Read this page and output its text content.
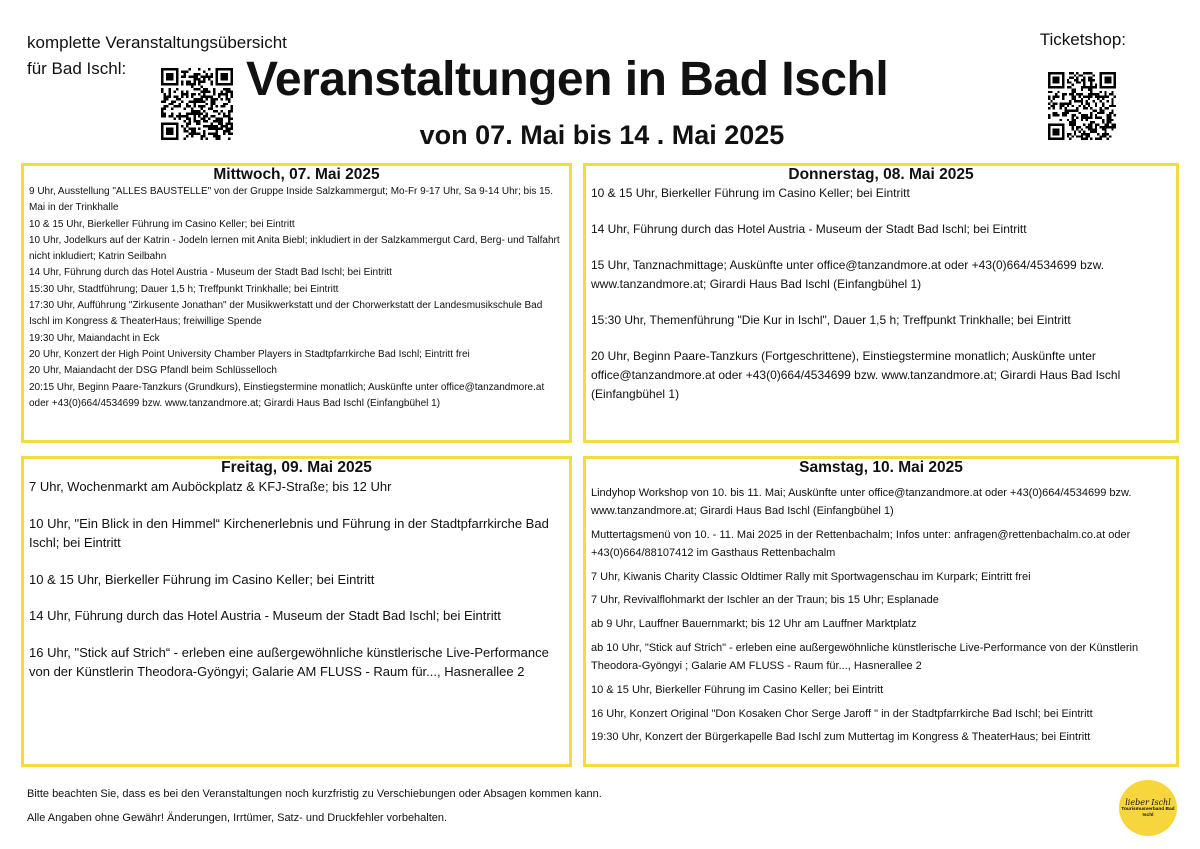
komplette Veranstaltungsübersicht
für Bad Ischl:	Veranstaltungen in Bad Ischl
von 07. Mai bis 14 . Mai 2025
Ticketshop:
Mittwoch, 07. Mai 2025

9 Uhr, Ausstellung "ALLES BAUSTELLE" von der Gruppe Inside Salzkammergut; Mo-Fr 9-17 Uhr, Sa 9-14 Uhr; bis 15. Mai in der Trinkhalle

10 & 15 Uhr, Bierkeller Führung im Casino Keller; bei Eintritt

10 Uhr, Jodelkurs auf der Katrin - Jodeln lernen mit Anita Biebl; inkludiert in der Salzkammergut Card, Berg- und Talfahrt nicht inkludiert; Katrin Seilbahn

14 Uhr, Führung durch das Hotel Austria - Museum der Stadt Bad Ischl; bei Eintritt

15:30 Uhr, Stadtführung; Dauer 1,5 h; Treffpunkt Trinkhalle; bei Eintritt

17:30 Uhr, Aufführung "Zirkusente Jonathan" der Musikwerkstatt und der Chorwerkstatt der Landesmusikschule Bad Ischl im Kongress & TheaterHaus; freiwillige Spende

19:30 Uhr, Maiandacht in Eck

20 Uhr, Konzert der High Point University Chamber Players in Stadtpfarrkirche Bad Ischl; Eintritt frei

20 Uhr, Maiandacht der DSG Pfandl beim Schlüsselloch

20:15 Uhr, Beginn Paare-Tanzkurs (Grundkurs), Einstiegstermine monatlich; Auskünfte unter office@tanzandmore.at oder +43(0)664/4534699 bzw. www.tanzandmore.at; Girardi Haus Bad Ischl (Einfangbühel 1)

Donnerstag, 08. Mai 2025

10 & 15 Uhr, Bierkeller Führung im Casino Keller; bei Eintritt

14 Uhr, Führung durch das Hotel Austria - Museum der Stadt Bad Ischl; bei Eintritt

15 Uhr, Tanznachmittage; Auskünfte unter office@tanzandmore.at oder +43(0)664/4534699 bzw. www.tanzandmore.at; Girardi Haus Bad Ischl (Einfangbühel 1)

15:30 Uhr, Themenführung "Die Kur in Ischl", Dauer 1,5 h; Treffpunkt Trinkhalle; bei Eintritt

20 Uhr, Beginn Paare-Tanzkurs (Fortgeschrittene), Einstiegstermine monatlich; Auskünfte unter office@tanzandmore.at oder +43(0)664/4534699 bzw. www.tanzandmore.at; Girardi Haus Bad Ischl (Einfangbühel 1)

Freitag, 09. Mai 2025

7 Uhr, Wochenmarkt am Auböckplatz & KFJ-Straße; bis 12 Uhr

10 Uhr, "Ein Blick in den Himmel“ Kirchenerlebnis und Führung in der Stadtpfarrkirche Bad Ischl; bei Eintritt

10 & 15 Uhr, Bierkeller Führung im Casino Keller; bei Eintritt

14 Uhr, Führung durch das Hotel Austria - Museum der Stadt Bad Ischl; bei Eintritt

16 Uhr, "Stick auf Strich“ - erleben eine außergewöhnliche künstlerische Live-Performance von der Künstlerin Theodora-Gyöngyi; Galarie AM FLUSS - Raum für..., Hasnerallee 2

Samstag, 10. Mai 2025

Lindyhop Workshop von 10. bis 11. Mai; Auskünfte unter office@tanzandmore.at oder +43(0)664/4534699 bzw. www.tanzandmore.at; Girardi Haus Bad Ischl (Einfangbühel 1)

Muttertagsmenü von 10. - 11. Mai 2025 in der Rettenbachalm; Infos unter: anfragen@rettenbachalm.co.at oder +43(0)664/88107412 im Gasthaus Rettenbachalm

7 Uhr, Kiwanis Charity Classic Oldtimer Rally mit Sportwagenschau im Kurpark; Eintritt frei

7 Uhr, Revivalflohmarkt der Ischler an der Traun; bis 15 Uhr; Esplanade

ab 9 Uhr, Lauffner Bauernmarkt; bis 12 Uhr am Lauffner Marktplatz

ab 10 Uhr, "Stick auf Strich" - erleben eine außergewöhnliche künstlerische Live-Performance von der Künstlerin Theodora-Gyöngyi ; Galarie AM FLUSS - Raum für..., Hasnerallee 2

10 & 15 Uhr, Bierkeller Führung im Casino Keller; bei Eintritt

16 Uhr, Konzert Original "Don Kosaken Chor Serge Jaroff " in der Stadtpfarrkirche Bad Ischl; bei Eintritt

19:30 Uhr, Konzert der Bürgerkapelle Bad Ischl zum Muttertag im Kongress & TheaterHaus; bei Eintritt

Bitte beachten Sie, dass es bei den Veranstaltungen noch kurzfristig zu Verschiebungen oder Absagen kommen kann.

Alle Angaben ohne Gewähr! Änderungen, Irrtümer, Satz- und Druckfehler vorbehalten.

lieber Ischl
Tourismusverband Bad Ischl
